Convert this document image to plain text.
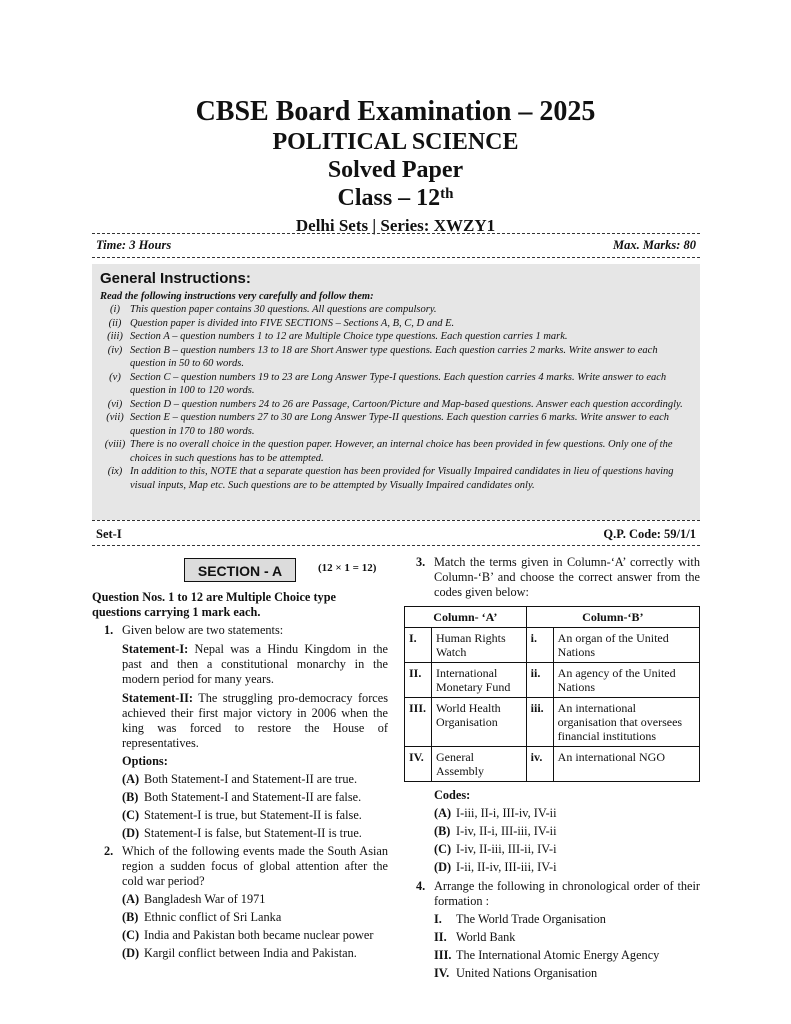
CBSE Board Examination – 2025
POLITICAL SCIENCE
Solved Paper
Class – 12th
Delhi Sets | Series: XWZY1
Time: 3 Hours	Max. Marks: 80
General Instructions:
Read the following instructions very carefully and follow them:
(i) This question paper contains 30 questions. All questions are compulsory.
(ii) Question paper is divided into FIVE SECTIONS – Sections A, B, C, D and E.
(iii) Section A – question numbers 1 to 12 are Multiple Choice type questions. Each question carries 1 mark.
(iv) Section B – question numbers 13 to 18 are Short Answer type questions. Each question carries 2 marks. Write answer to each question in 50 to 60 words.
(v) Section C – question numbers 19 to 23 are Long Answer Type-I questions. Each question carries 4 marks. Write answer to each question in 100 to 120 words.
(vi) Section D – question numbers 24 to 26 are Passage, Cartoon/Picture and Map-based questions. Answer each question accordingly.
(vii) Section E – question numbers 27 to 30 are Long Answer Type-II questions. Each question carries 6 marks. Write answer to each question in 170 to 180 words.
(viii) There is no overall choice in the question paper. However, an internal choice has been provided in few questions. Only one of the choices in such questions has to be attempted.
(ix) In addition to this, NOTE that a separate question has been provided for Visually Impaired candidates in lieu of questions having visual inputs, Map etc. Such questions are to be attempted by Visually Impaired candidates only.
Set-I	Q.P. Code: 59/1/1
SECTION - A	(12 × 1 = 12)
Question Nos. 1 to 12 are Multiple Choice type questions carrying 1 mark each.
1. Given below are two statements:
Statement-I: Nepal was a Hindu Kingdom in the past and then a constitutional monarchy in the modern period for many years.
Statement-II: The struggling pro-democracy forces achieved their first major victory in 2006 when the king was forced to restore the House of representatives.
Options:
(A) Both Statement-I and Statement-II are true.
(B) Both Statement-I and Statement-II are false.
(C) Statement-I is true, but Statement-II is false.
(D) Statement-I is false, but Statement-II is true.
2. Which of the following events made the South Asian region a sudden focus of global attention after the cold war period?
(A) Bangladesh War of 1971
(B) Ethnic conflict of Sri Lanka
(C) India and Pakistan both became nuclear power
(D) Kargil conflict between India and Pakistan.
3. Match the terms given in Column-‘A’ correctly with Column-‘B’ and choose the correct answer from the codes given below:
Column- ‘A’		Column-‘B’	
I.	Human Rights Watch	i.	An organ of the United Nations
II.	International Monetary Fund	ii.	An agency of the United Nations
III.	World Health Organisation	iii.	An international organisation that oversees financial institutions
IV.	General Assembly	iv.	An international NGO
Codes:
(A) I-iii, II-i, III-iv, IV-ii
(B) I-iv, II-i, III-iii, IV-ii
(C) I-iv, II-iii, III-ii, IV-i
(D) I-ii, II-iv, III-iii, IV-i
4. Arrange the following in chronological order of their formation :
I.	The World Trade Organisation
II. World Bank
III. The International Atomic Energy Agency
IV. United Nations Organisation
